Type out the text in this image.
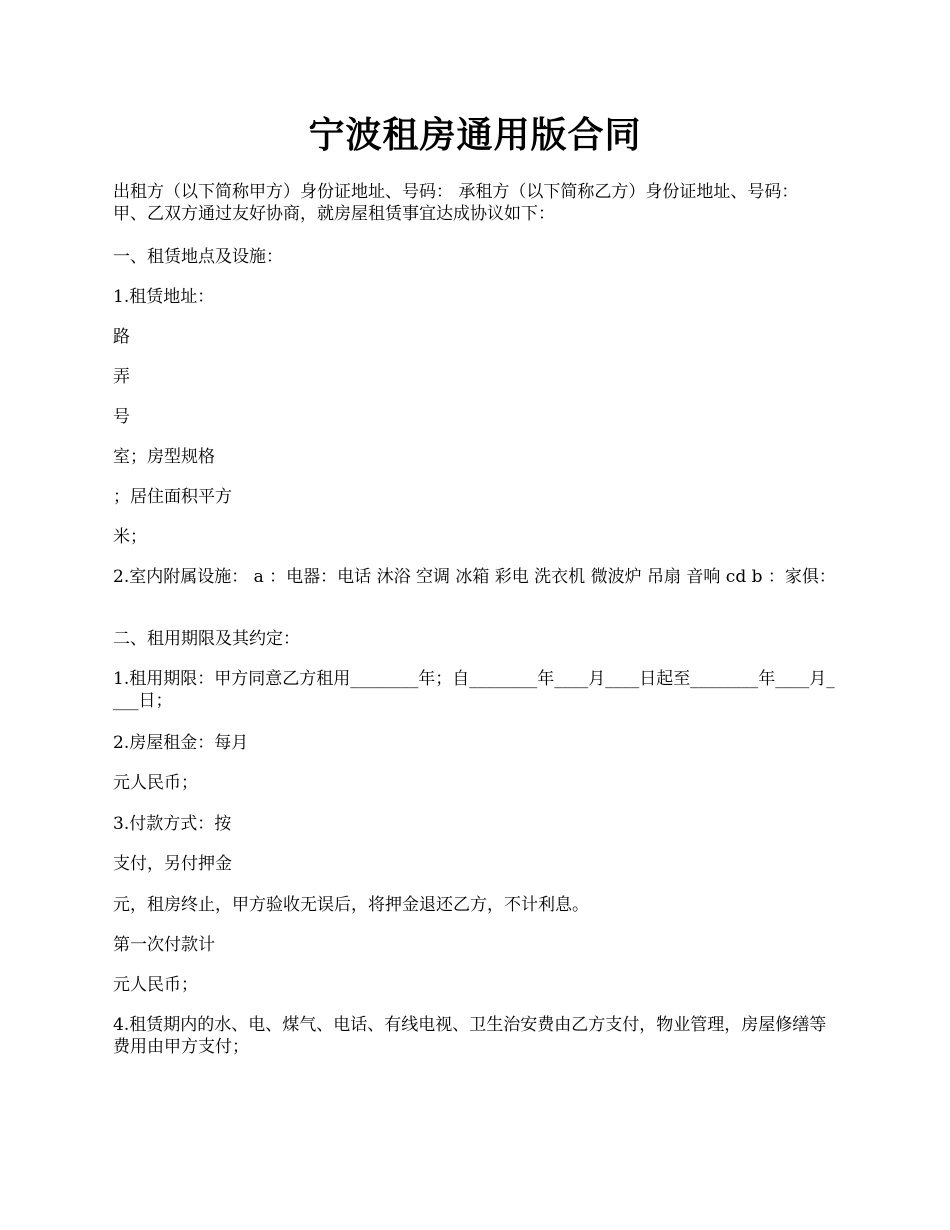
宁波租房通用版合同

出租方（以下简称甲方）身份证地址、号码： 承租方（以下简称乙方）身份证地址、号码： 甲、乙双方通过友好协商，就房屋租赁事宜达成协议如下：

一、租赁地点及设施：

1.租赁地址：

路

弄

号

室；房型规格

；居住面积平方

米；

2.室内附属设施： a ：电器：电话 沐浴 空调 冰箱 彩电 洗衣机 微波炉 吊扇 音响 cd b ：家俱：

二、租用期限及其约定：

1.租用期限：甲方同意乙方租用________年；自________年____月____日起至________年____月____日；

2.房屋租金：每月

元人民币；

3.付款方式：按

支付，另付押金

元，租房终止，甲方验收无误后，将押金退还乙方，不计利息。

第一次付款计

元人民币；

4.租赁期内的水、电、煤气、电话、有线电视、卫生治安费由乙方支付，物业管理，房屋修缮等费用由甲方支付；
